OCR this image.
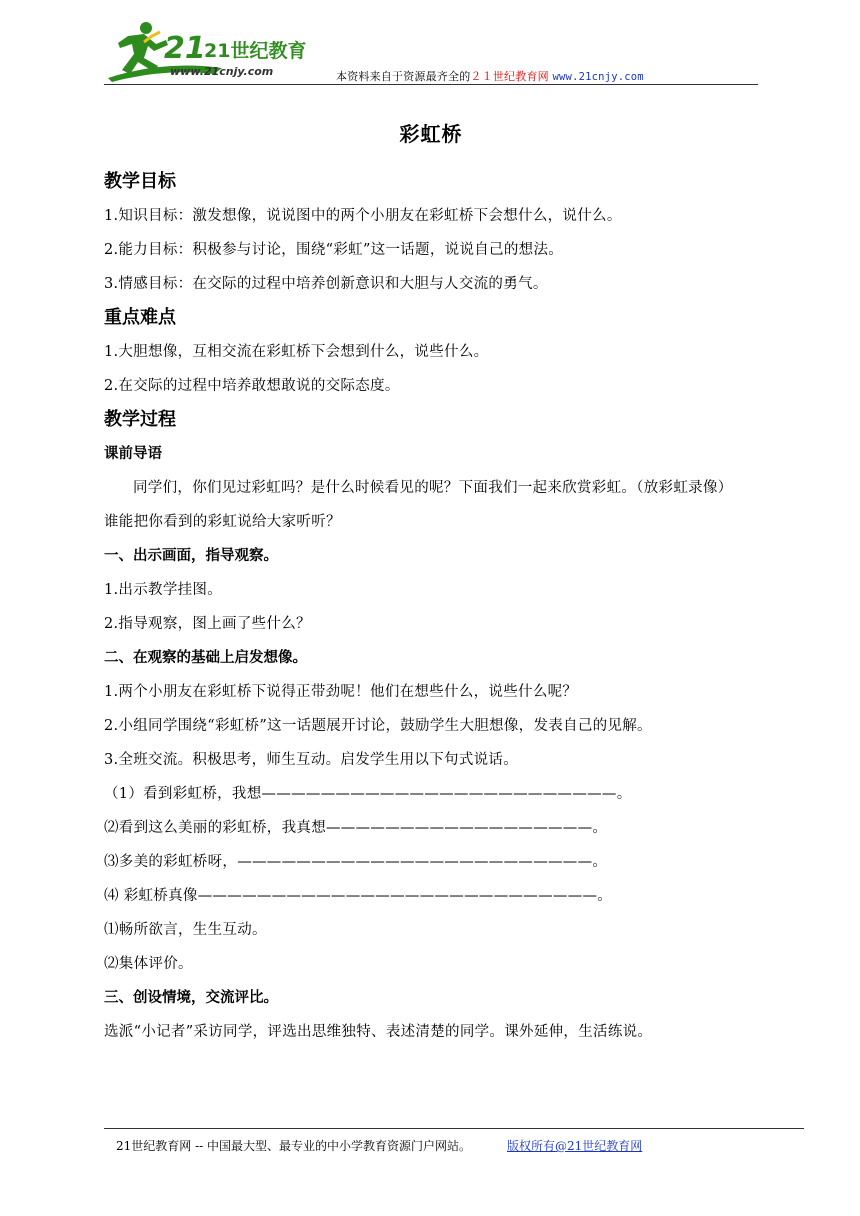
21
21世纪教育
www.21cnjy.com	本资料来自于资源最齐全的２１世纪教育网 www.21cnjy.com
彩虹桥
教学目标
1.知识目标：激发想像，说说图中的两个小朋友在彩虹桥下会想什么，说什么。
2.能力目标：积极参与讨论，围绕“彩虹”这一话题，说说自己的想法。
3.情感目标：在交际的过程中培养创新意识和大胆与人交流的勇气。
重点难点
1.大胆想像，互相交流在彩虹桥下会想到什么，说些什么。
2.在交际的过程中培养敢想敢说的交际态度。
教学过程
课前导语
同学们，你们见过彩虹吗？是什么时候看见的呢？下面我们一起来欣赏彩虹。（放彩虹录像）
谁能把你看到的彩虹说给大家听听？
一、出示画面，指导观察。
1.出示教学挂图。
2.指导观察，图上画了些什么？
二、在观察的基础上启发想像。
1.两个小朋友在彩虹桥下说得正带劲呢！他们在想些什么，说些什么呢？
2.小组同学围绕“彩虹桥”这一话题展开讨论，鼓励学生大胆想像，发表自己的见解。
3.全班交流。积极思考，师生互动。启发学生用以下句式说话。
（1）看到彩虹桥，我想————————————————————————。
⑵看到这么美丽的彩虹桥，我真想——————————————————。
⑶多美的彩虹桥呀，————————————————————————。
⑷ 彩虹桥真像———————————————————————————。
⑴畅所欲言，生生互动。
⑵集体评价。
三、创设情境，交流评比。
选派“小记者”采访同学，评选出思维独特、表述清楚的同学。课外延伸，生活练说。
21世纪教育网 -- 中国最大型、最专业的中小学教育资源门户网站。	版权所有@21世纪教育网
